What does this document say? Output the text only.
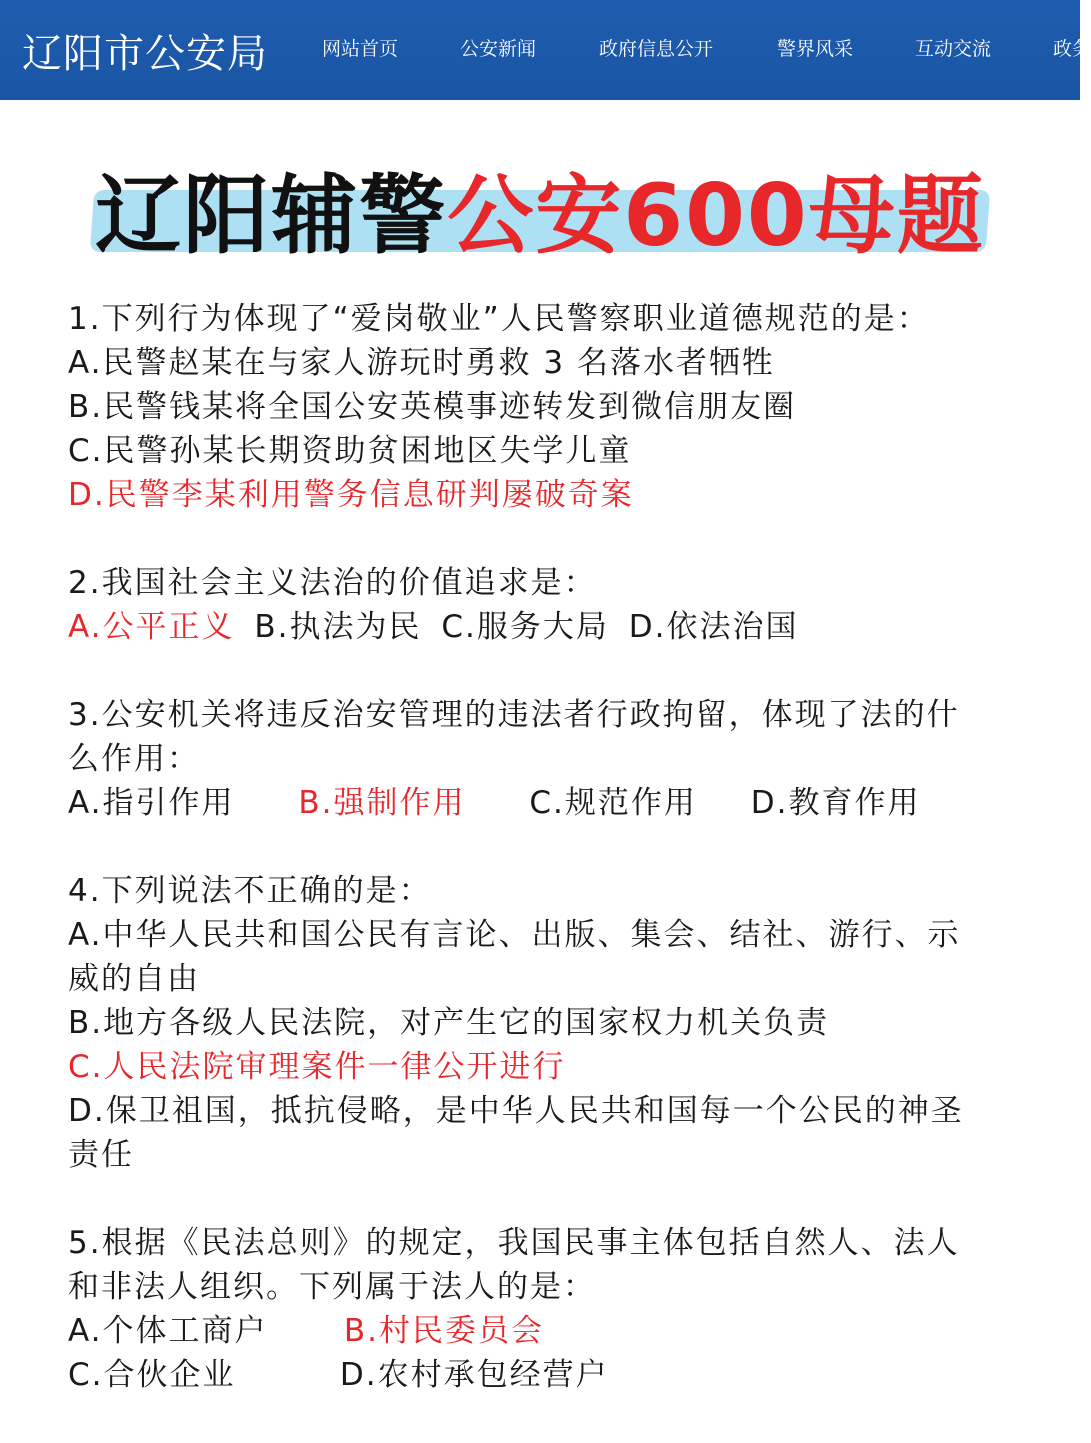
辽阳市公安局	网站首页	公安新闻	政府信息公开	警界风采	互动交流	政务
辽阳辅警公安600母题
1.下列行为体现了“爱岗敬业”人民警察职业道德规范的是：
A.民警赵某在与家人游玩时勇救 3 名落水者牺牲
B.民警钱某将全国公安英模事迹转发到微信朋友圈
C.民警孙某长期资助贫困地区失学儿童
D.民警李某利用警务信息研判屡破奇案
2.我国社会主义法治的价值追求是：
A.公平正义 B.执法为民 C.服务大局 D.依法治国
3.公安机关将违反治安管理的违法者行政拘留，体现了法的什
么作用：
A.指引作用 B.强制作用 C.规范作用 D.教育作用
4.下列说法不正确的是：
A.中华人民共和国公民有言论、出版、集会、结社、游行、示
威的自由
B.地方各级人民法院，对产生它的国家权力机关负责
C.人民法院审理案件一律公开进行
D.保卫祖国，抵抗侵略，是中华人民共和国每一个公民的神圣
责任
5.根据《民法总则》的规定，我国民事主体包括自然人、法人
和非法人组织。下列属于法人的是：
A.个体工商户 B.村民委员会
C.合伙企业	D.农村承包经营户
